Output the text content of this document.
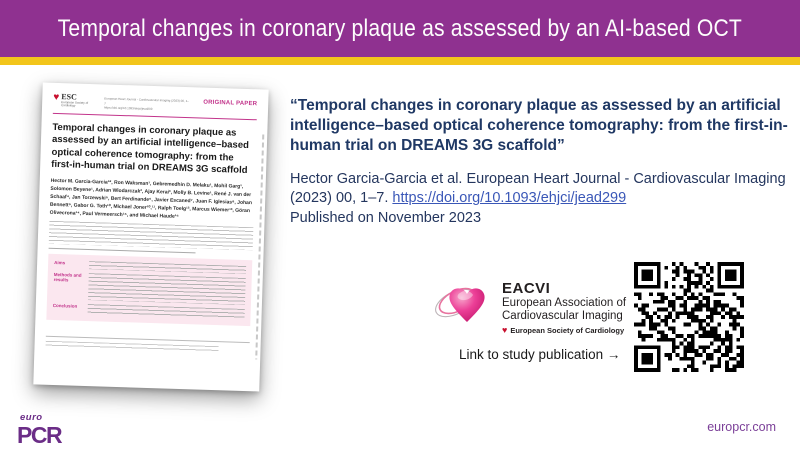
Temporal changes in coronary plaque as assessed by an AI-based OCT
♥ ESC
European Society of Cardiology
European Heart Journal - Cardiovascular Imaging (2023) 00, 1–7
https://doi.org/10.1093/ehjci/jead299
ORIGINAL PAPER
Temporal changes in coronary plaque as assessed by an artificial intelligence–based optical coherence tomography: from the first-in-human trial on DREAMS 3G scaffold
Hector M. Garcia-Garcia¹*, Ron Waksman¹, Gebremedhin D. Melaku¹, Mohil Garg¹, Solomon Beyene¹, Adrian Wlodarczak², Ajay Kerai³, Molly B. Levine¹, René J. van der Schaaf⁴, Jan Torzewski⁵, Bert Ferdinande⁶, Javier Escaned⁷, Juan F. Iglesias⁸, Johan Bennett⁹, Gabor G. Toth¹⁰, Michael Joner¹⁰,¹¹, Ralph Toelg¹², Marcus Wiemer¹³, Göran Olivecrona¹⁴, Paul Vermeersch¹⁵, and Michael Haude¹⁶
Aims
Methods and results
Conclusion
“Temporal changes in coronary plaque as assessed by an artificial intelligence–based optical coherence tomography: from the first-in-human trial on DREAMS 3G scaffold”
Hector Garcia-Garcia et al. European Heart Journal - Cardiovascular Imaging (2023) 00, 1–7. https://doi.org/10.1093/ehjci/jead299
Published on November 2023
EACVI
European Association of
Cardiovascular Imaging
♥ European Society of Cardiology
Link to study publication →
euro
PCR	europcr.com
